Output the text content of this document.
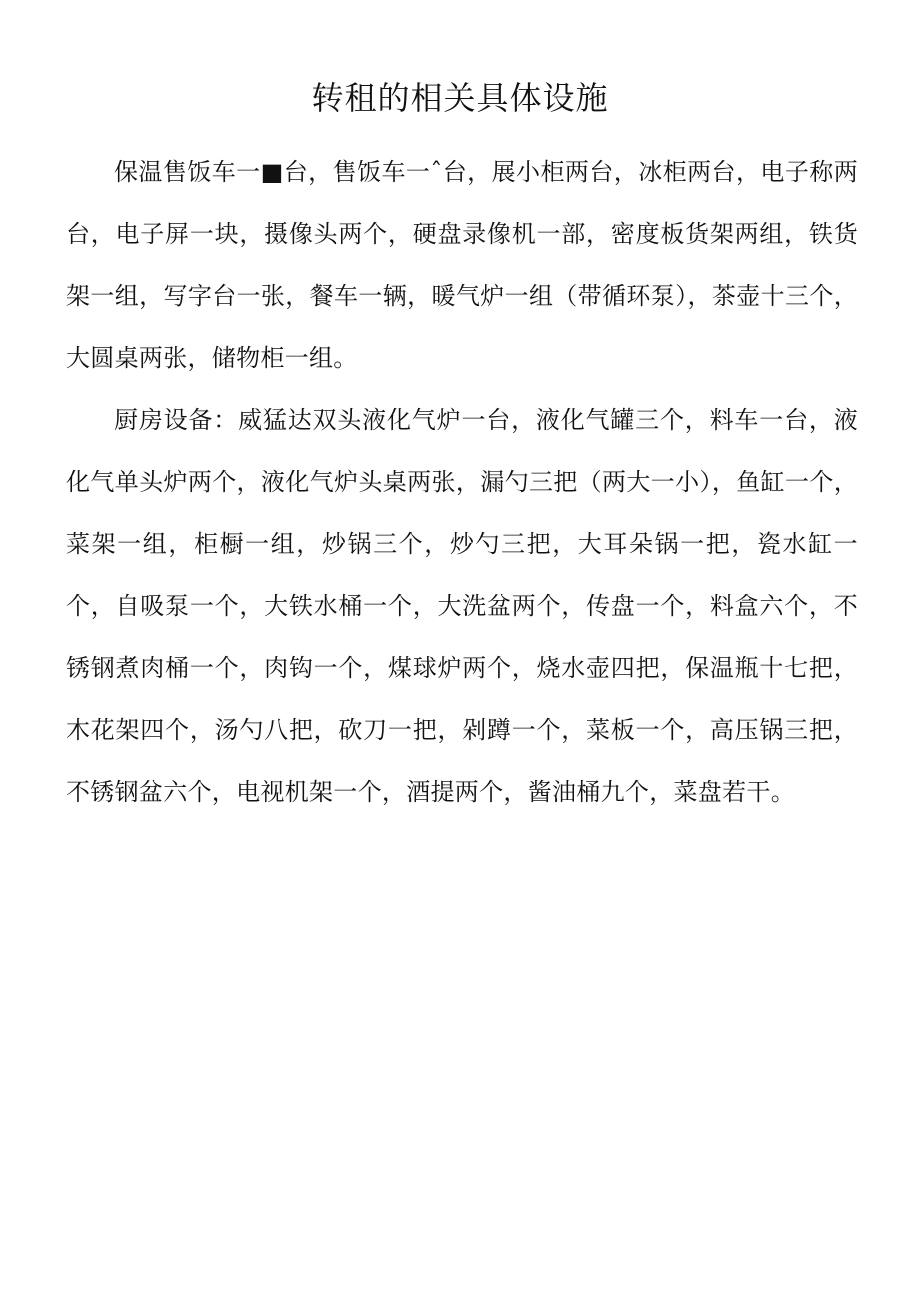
转租的相关具体设施

保温售饭车一■台，售饭车一ˆ台，展小柜两台，冰柜两台，电子称两台，电子屏一块，摄像头两个，硬盘录像机一部，密度板货架两组，铁货架一组，写字台一张，餐车一辆，暖气炉一组（带循环泵），茶壶十三个，大圆桌两张，储物柜一组。

厨房设备：威猛达双头液化气炉一台，液化气罐三个，料车一台，液化气单头炉两个，液化气炉头桌两张，漏勺三把（两大一小），鱼缸一个，菜架一组，柜橱一组，炒锅三个，炒勺三把，大耳朵锅一把，瓷水缸一个，自吸泵一个，大铁水桶一个，大洗盆两个，传盘一个，料盒六个，不锈钢煮肉桶一个，肉钩一个，煤球炉两个，烧水壶四把，保温瓶十七把，木花架四个，汤勺八把，砍刀一把，剁蹲一个，菜板一个，高压锅三把，不锈钢盆六个，电视机架一个，酒提两个，酱油桶九个，菜盘若干。
